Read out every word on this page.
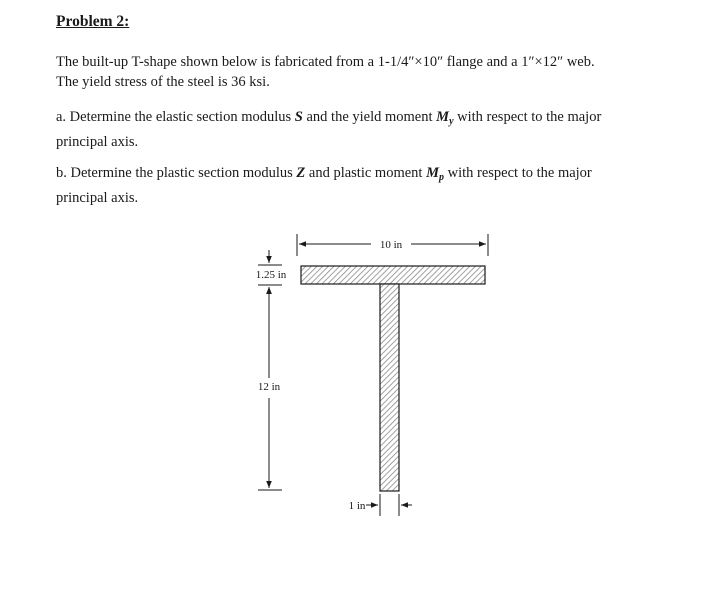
Problem 2:
The built-up T-shape shown below is fabricated from a 1-1/4″×10″ flange and a 1″×12″ web.
The yield stress of the steel is 36 ksi.
a. Determine the elastic section modulus S and the yield moment $M_y$ with respect to the major
principal axis.
b. Determine the plastic section modulus Z and plastic moment $M_p$ with respect to the major
principal axis.
10 in
1.25 in
12 in
1 in
